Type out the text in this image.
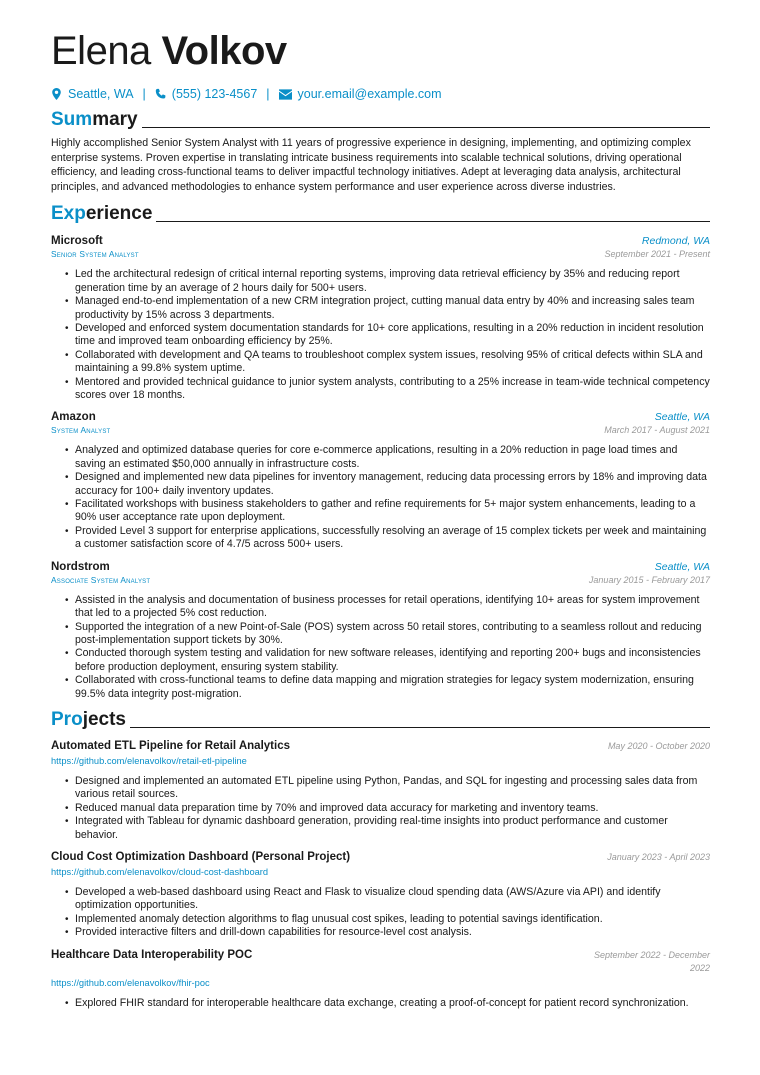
Elena Volkov
Seattle, WA | (555) 123-4567 | your.email@example.com
Summary

Highly accomplished Senior System Analyst with 11 years of progressive experience in designing, implementing, and optimizing complex enterprise systems. Proven expertise in translating intricate business requirements into scalable technical solutions, driving operational efficiency, and leading cross-functional teams to deliver impactful technology initiatives. Adept at leveraging data analysis, architectural principles, and advanced methodologies to enhance system performance and user experience across diverse industries.

Experience
Microsoft	Redmond, WA
Senior System Analyst	September 2021 - Present
• Led the architectural redesign of critical internal reporting systems, improving data retrieval efficiency by 35% and reducing report generation time by an average of 2 hours daily for 500+ users.
• Managed end-to-end implementation of a new CRM integration project, cutting manual data entry by 40% and increasing sales team productivity by 15% across 3 departments.
• Developed and enforced system documentation standards for 10+ core applications, resulting in a 20% reduction in incident resolution time and improved team onboarding efficiency by 25%.
• Collaborated with development and QA teams to troubleshoot complex system issues, resolving 95% of critical defects within SLA and maintaining a 99.8% system uptime.
• Mentored and provided technical guidance to junior system analysts, contributing to a 25% increase in team-wide technical competency scores over 18 months.
Amazon	Seattle, WA
System Analyst	March 2017 - August 2021
• Analyzed and optimized database queries for core e-commerce applications, resulting in a 20% reduction in page load times and saving an estimated $50,000 annually in infrastructure costs.
• Designed and implemented new data pipelines for inventory management, reducing data processing errors by 18% and improving data accuracy for 100+ daily inventory updates.
• Facilitated workshops with business stakeholders to gather and refine requirements for 5+ major system enhancements, leading to a 90% user acceptance rate upon deployment.
• Provided Level 3 support for enterprise applications, successfully resolving an average of 15 complex tickets per week and maintaining a customer satisfaction score of 4.7/5 across 500+ users.
Nordstrom	Seattle, WA
Associate System Analyst	January 2015 - February 2017
• Assisted in the analysis and documentation of business processes for retail operations, identifying 10+ areas for system improvement that led to a projected 5% cost reduction.
• Supported the integration of a new Point-of-Sale (POS) system across 50 retail stores, contributing to a seamless rollout and reducing post-implementation support tickets by 30%.
• Conducted thorough system testing and validation for new software releases, identifying and reporting 200+ bugs and inconsistencies before production deployment, ensuring system stability.
• Collaborated with cross-functional teams to define data mapping and migration strategies for legacy system modernization, ensuring 99.5% data integrity post-migration.
Projects
Automated ETL Pipeline for Retail Analytics	May 2020 - October 2020
https://github.com/elenavolkov/retail-etl-pipeline
• Designed and implemented an automated ETL pipeline using Python, Pandas, and SQL for ingesting and processing sales data from various retail sources.
• Reduced manual data preparation time by 70% and improved data accuracy for marketing and inventory teams.
• Integrated with Tableau for dynamic dashboard generation, providing real-time insights into product performance and customer behavior.
Cloud Cost Optimization Dashboard (Personal Project)	January 2023 - April 2023
https://github.com/elenavolkov/cloud-cost-dashboard
• Developed a web-based dashboard using React and Flask to visualize cloud spending data (AWS/Azure via API) and identify optimization opportunities.
• Implemented anomaly detection algorithms to flag unusual cost spikes, leading to potential savings identification.
• Provided interactive filters and drill-down capabilities for resource-level cost analysis.
Healthcare Data Interoperability POC	September 2022 - December 2022
https://github.com/elenavolkov/fhir-poc
• Explored FHIR standard for interoperable healthcare data exchange, creating a proof-of-concept for patient record synchronization.
